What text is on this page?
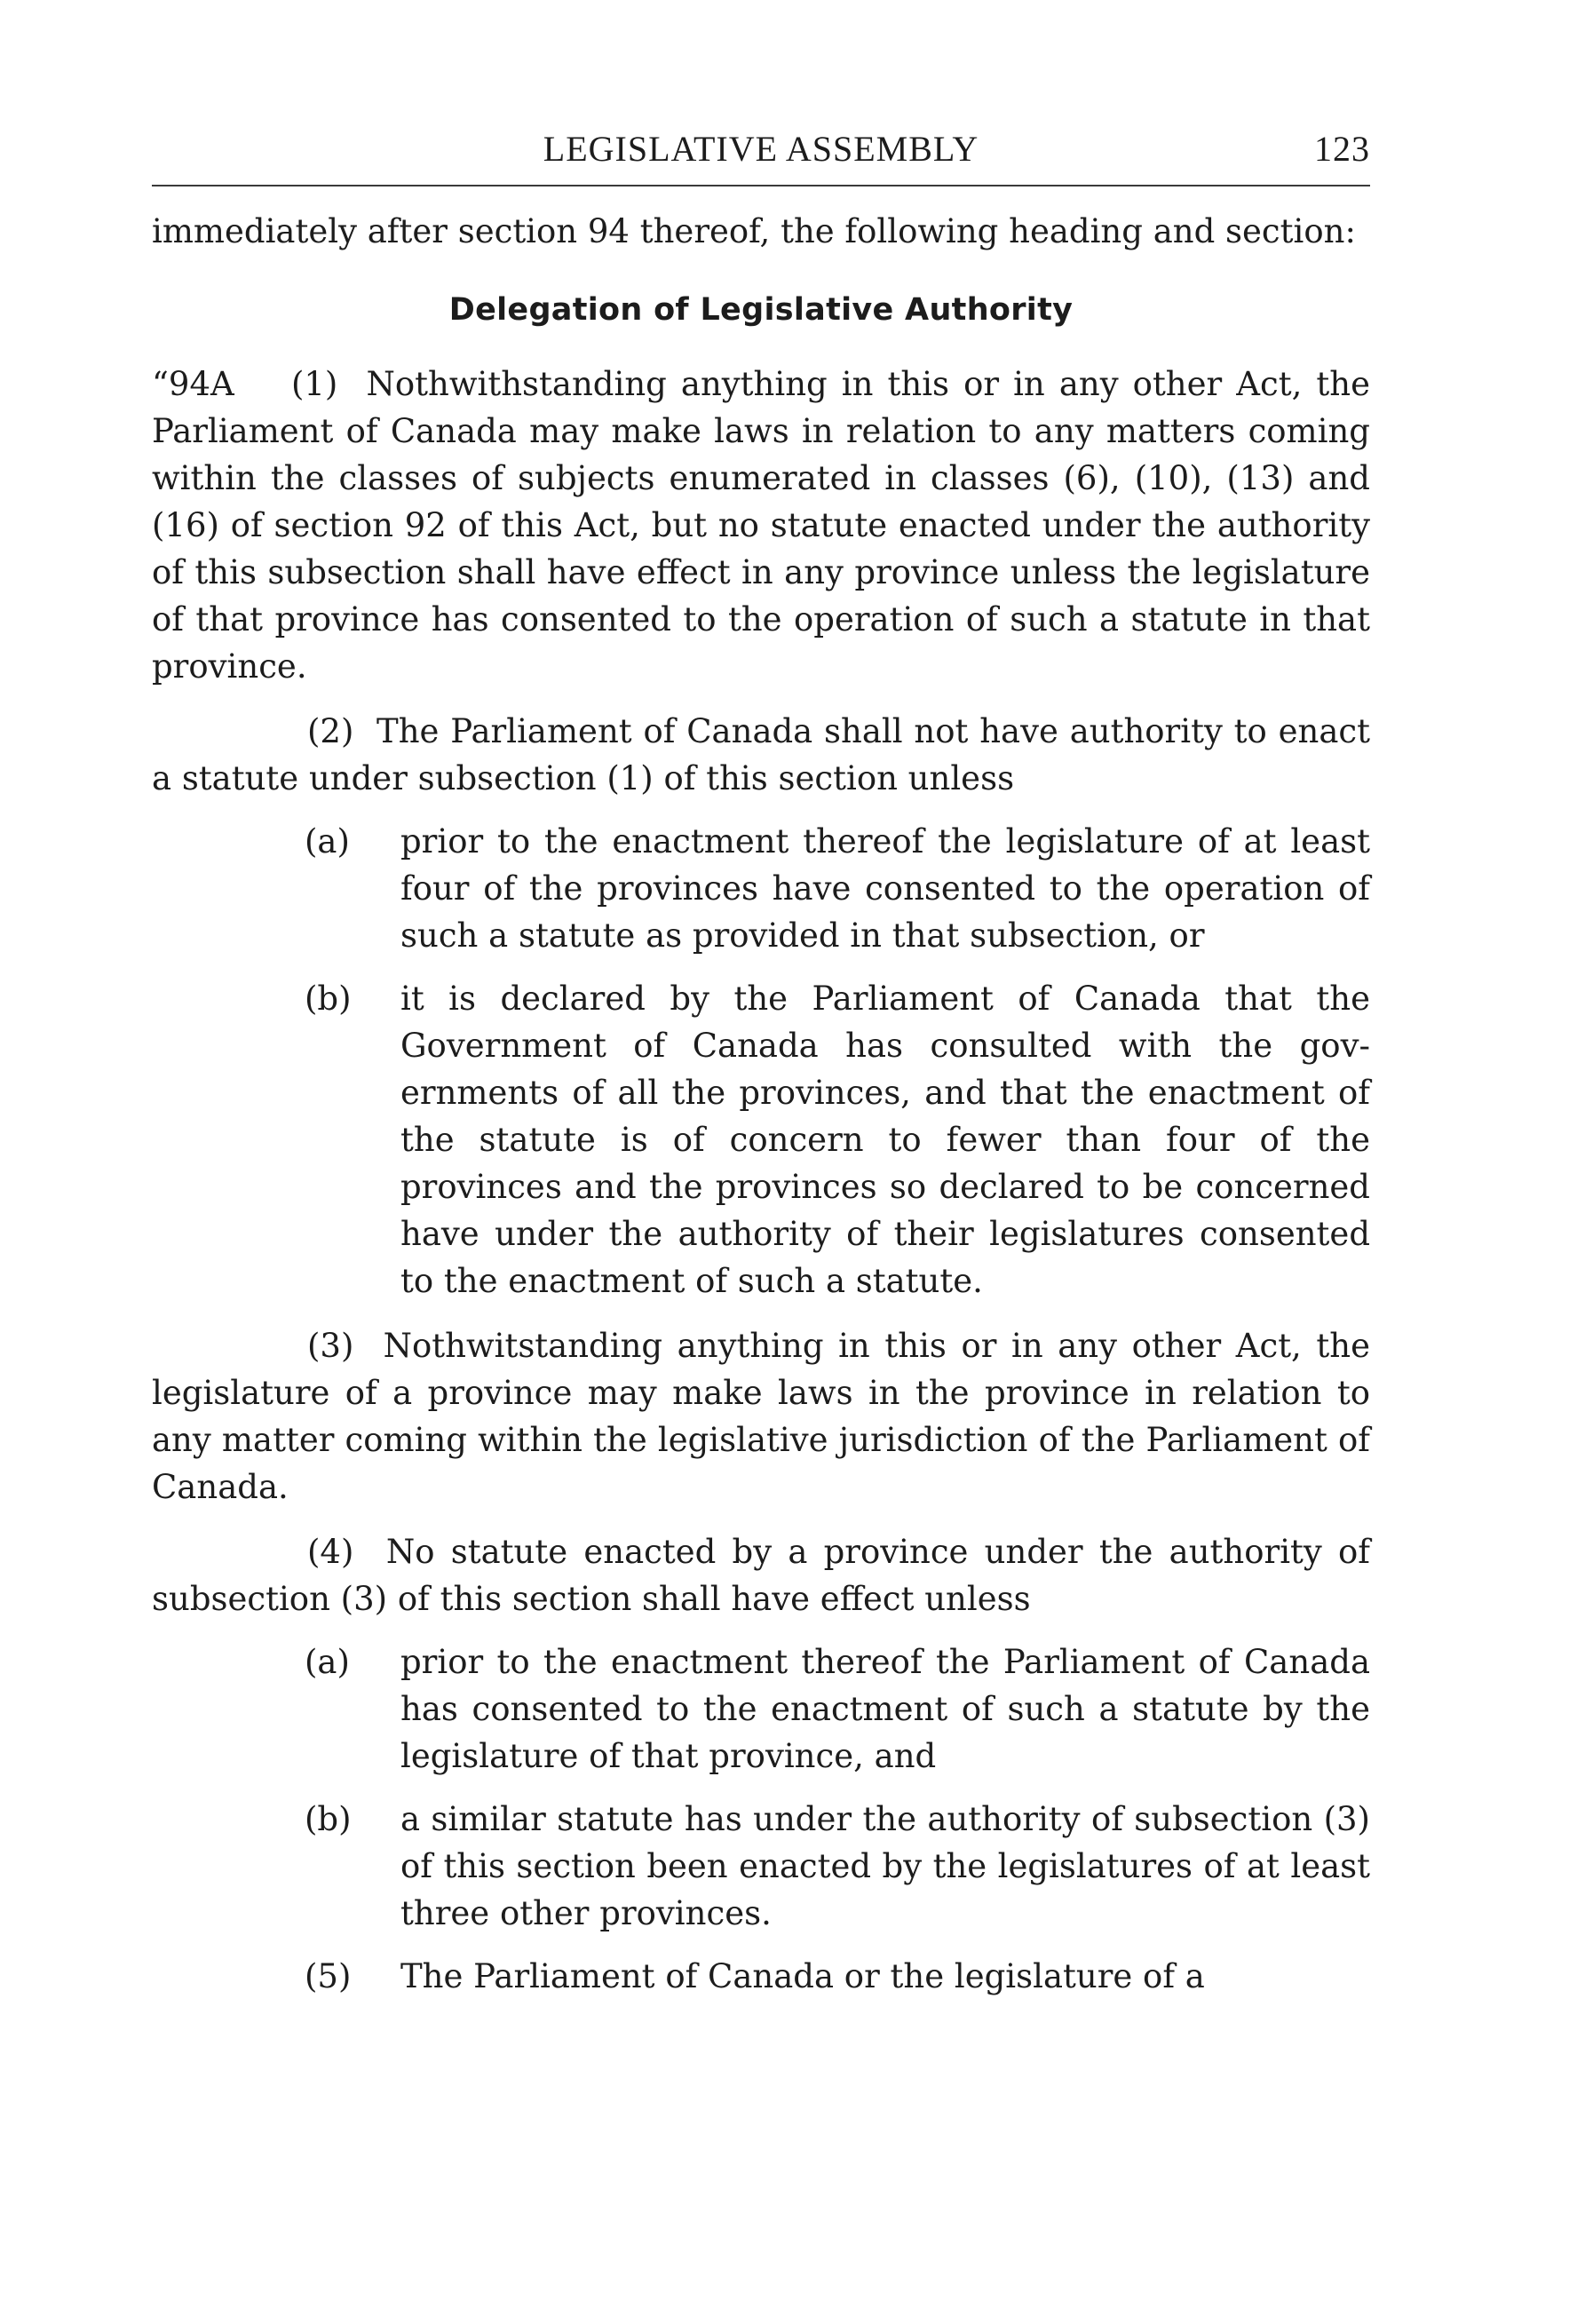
LEGISLATIVE ASSEMBLY	123

immediately after section 94 thereof, the following heading and section:

Delegation of Legislative Authority

“94A (1) Nothwithstanding anything in this or in any other Act, the Parliament of Canada may make laws in relation to any matters coming within the classes of subjects enumerated in classes (6), (10), (13) and (16) of section 92 of this Act, but no statute enacted under the authority of this subsection shall have effect in any province unless the legislature of that province has consented to the operation of such a statute in that province.

(2) The Parliament of Canada shall not have authority to enact a statute under subsection (1) of this section unless

(a) prior to the enactment thereof the legislature of at least four of the provinces have consented to the operation of such a statute as provided in that subsection, or

(b) it is declared by the Parliament of Canada that the Government of Canada has consulted with the governments of all the provinces, and that the enactment of the statute is of concern to fewer than four of the provinces and the provinces so declared to be concerned have under the authority of their legislatures consented to the enactment of such a statute.

(3) Nothwitstanding anything in this or in any other Act, the legislature of a province may make laws in the province in relation to any matter coming within the legislative jurisdiction of the Parliament of Canada.

(4) No statute enacted by a province under the authority of subsection (3) of this section shall have effect unless

(a) prior to the enactment thereof the Parliament of Canada has consented to the enactment of such a statute by the legislature of that province, and

(b) a similar statute has under the authority of subsection (3) of this section been enacted by the legislatures of at least three other provinces.

(5) The Parliament of Canada or the legislature of a
